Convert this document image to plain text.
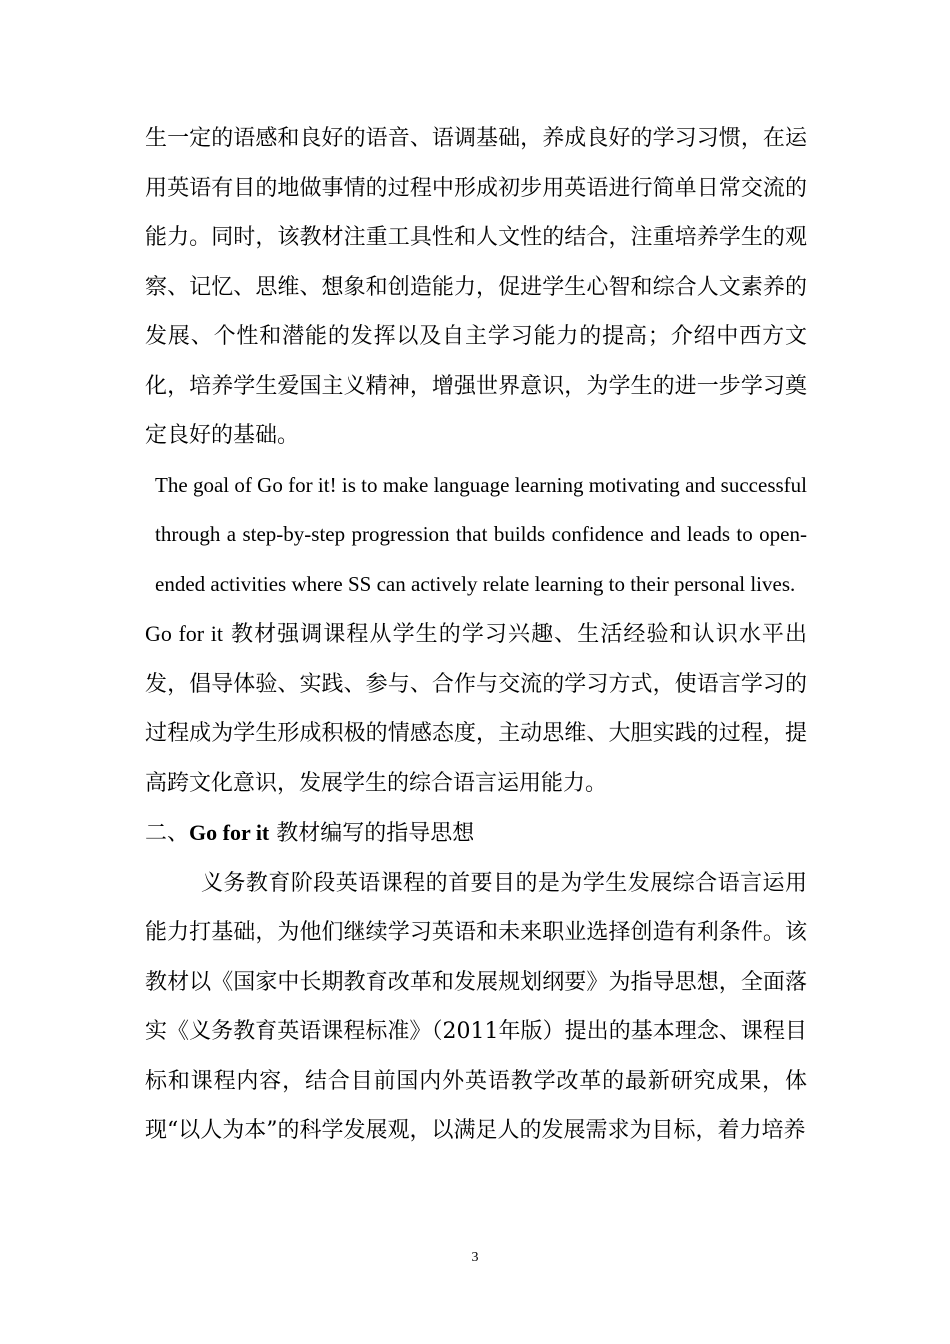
生一定的语感和良好的语音、语调基础，养成良好的学习习惯，在运用英语有目的地做事情的过程中形成初步用英语进行简单日常交流的能力。同时，该教材注重工具性和人文性的结合，注重培养学生的观察、记忆、思维、想象和创造能力，促进学生心智和综合人文素养的发展、个性和潜能的发挥以及自主学习能力的提高；介绍中西方文化，培养学生爱国主义精神，增强世界意识，为学生的进一步学习奠定良好的基础。

The goal of Go for it! is to make language learning motivating and successful through a step-by-step progression that builds confidence and leads to open-ended activities where SS can actively relate learning to their personal lives.

Go for it 教材强调课程从学生的学习兴趣、生活经验和认识水平出发，倡导体验、实践、参与、合作与交流的学习方式，使语言学习的过程成为学生形成积极的情感态度，主动思维、大胆实践的过程，提高跨文化意识，发展学生的综合语言运用能力。

二、Go for it 教材编写的指导思想

义务教育阶段英语课程的首要目的是为学生发展综合语言运用能力打基础，为他们继续学习英语和未来职业选择创造有利条件。该教材以《国家中长期教育改革和发展规划纲要》为指导思想，全面落实《义务教育英语课程标准》（2011年版）提出的基本理念、课程目标和课程内容，结合目前国内外英语教学改革的最新研究成果，体现“以人为本”的科学发展观，以满足人的发展需求为目标，着力培养

3
